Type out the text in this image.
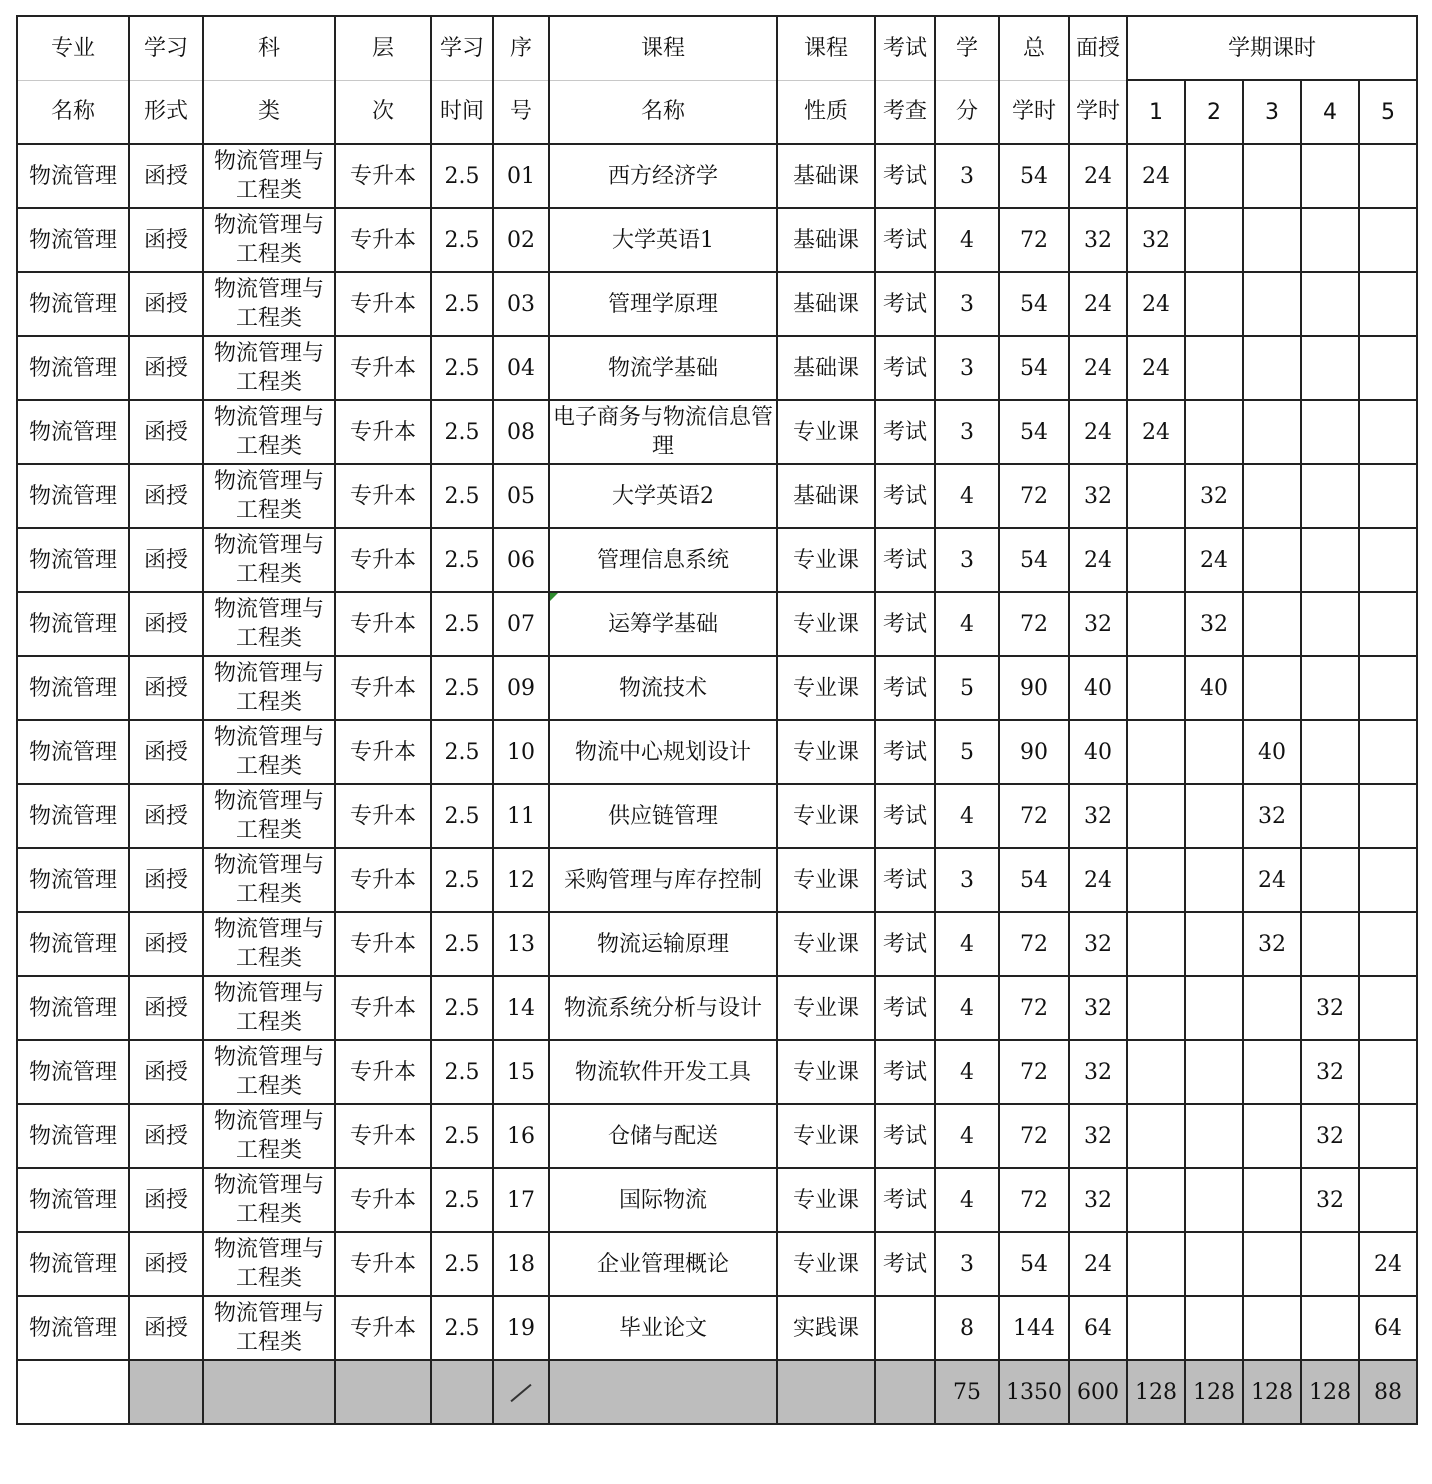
专业	学习	科	层	学习	序	课程	课程	考试	学	总	面授	学期课时				
名称	形式	类	次	时间	号	名称	性质	考查	分	学时	学时	1	2	3	4	5
物流管理	函授	物流管理与工程类	专升本	2.5	01	西方经济学	基础课	考试	3	54	24	24				
物流管理	函授	物流管理与工程类	专升本	2.5	02	大学英语1	基础课	考试	4	72	32	32				
物流管理	函授	物流管理与工程类	专升本	2.5	03	管理学原理	基础课	考试	3	54	24	24				
物流管理	函授	物流管理与工程类	专升本	2.5	04	物流学基础	基础课	考试	3	54	24	24				
物流管理	函授	物流管理与工程类	专升本	2.5	08	电子商务与物流信息管理	专业课	考试	3	54	24	24				
物流管理	函授	物流管理与工程类	专升本	2.5	05	大学英语2	基础课	考试	4	72	32		32			
物流管理	函授	物流管理与工程类	专升本	2.5	06	管理信息系统	专业课	考试	3	54	24		24			
物流管理	函授	物流管理与工程类	专升本	2.5	07	运筹学基础	专业课	考试	4	72	32		32			
物流管理	函授	物流管理与工程类	专升本	2.5	09	物流技术	专业课	考试	5	90	40		40			
物流管理	函授	物流管理与工程类	专升本	2.5	10	物流中心规划设计	专业课	考试	5	90	40			40		
物流管理	函授	物流管理与工程类	专升本	2.5	11	供应链管理	专业课	考试	4	72	32			32		
物流管理	函授	物流管理与工程类	专升本	2.5	12	采购管理与库存控制	专业课	考试	3	54	24			24		
物流管理	函授	物流管理与工程类	专升本	2.5	13	物流运输原理	专业课	考试	4	72	32			32		
物流管理	函授	物流管理与工程类	专升本	2.5	14	物流系统分析与设计	专业课	考试	4	72	32				32	
物流管理	函授	物流管理与工程类	专升本	2.5	15	物流软件开发工具	专业课	考试	4	72	32				32	
物流管理	函授	物流管理与工程类	专升本	2.5	16	仓储与配送	专业课	考试	4	72	32				32	
物流管理	函授	物流管理与工程类	专升本	2.5	17	国际物流	专业课	考试	4	72	32				32	
物流管理	函授	物流管理与工程类	专升本	2.5	18	企业管理概论	专业课	考试	3	54	24					24
物流管理	函授	物流管理与工程类	专升本	2.5	19	毕业论文	实践课		8	144	64					64
									75	1350	600	128	128	128	128	88
